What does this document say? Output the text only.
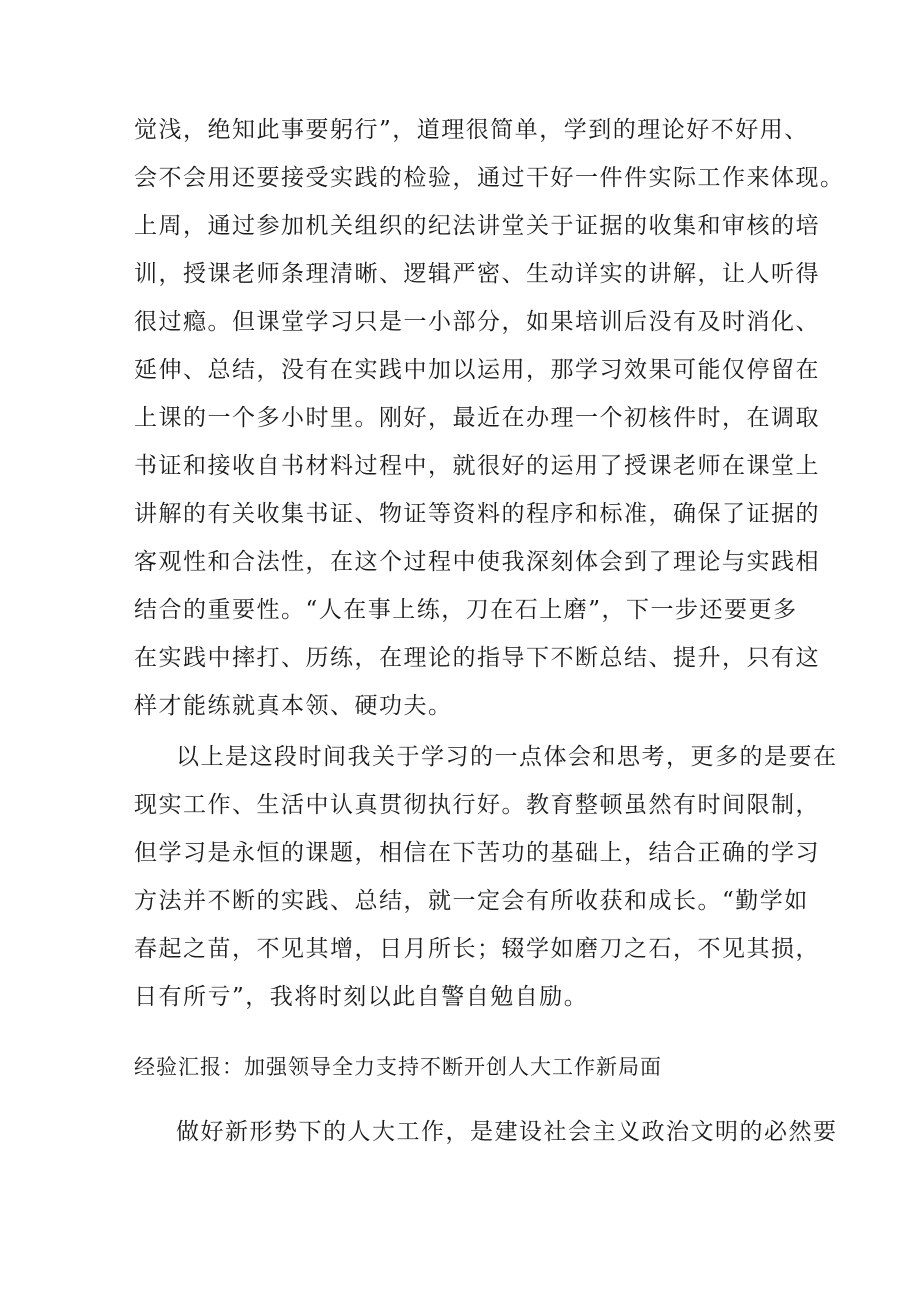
觉浅，绝知此事要躬行”，道理很简单，学到的理论好不好用、
会不会用还要接受实践的检验，通过干好一件件实际工作来体现。
上周，通过参加机关组织的纪法讲堂关于证据的收集和审核的培
训，授课老师条理清晰、逻辑严密、生动详实的讲解，让人听得
很过瘾。但课堂学习只是一小部分，如果培训后没有及时消化、
延伸、总结，没有在实践中加以运用，那学习效果可能仅停留在
上课的一个多小时里。刚好，最近在办理一个初核件时，在调取
书证和接收自书材料过程中，就很好的运用了授课老师在课堂上
讲解的有关收集书证、物证等资料的程序和标准，确保了证据的
客观性和合法性，在这个过程中使我深刻体会到了理论与实践相
结合的重要性。“人在事上练，刀在石上磨”，下一步还要更多
在实践中摔打、历练，在理论的指导下不断总结、提升，只有这
样才能练就真本领、硬功夫。
以上是这段时间我关于学习的一点体会和思考，更多的是要在
现实工作、生活中认真贯彻执行好。教育整顿虽然有时间限制，
但学习是永恒的课题，相信在下苦功的基础上，结合正确的学习
方法并不断的实践、总结，就一定会有所收获和成长。“勤学如
春起之苗，不见其增，日月所长；辍学如磨刀之石，不见其损，
日有所亏”，我将时刻以此自警自勉自励。
经验汇报：加强领导全力支持不断开创人大工作新局面
做好新形势下的人大工作，是建设社会主义政治文明的必然要
